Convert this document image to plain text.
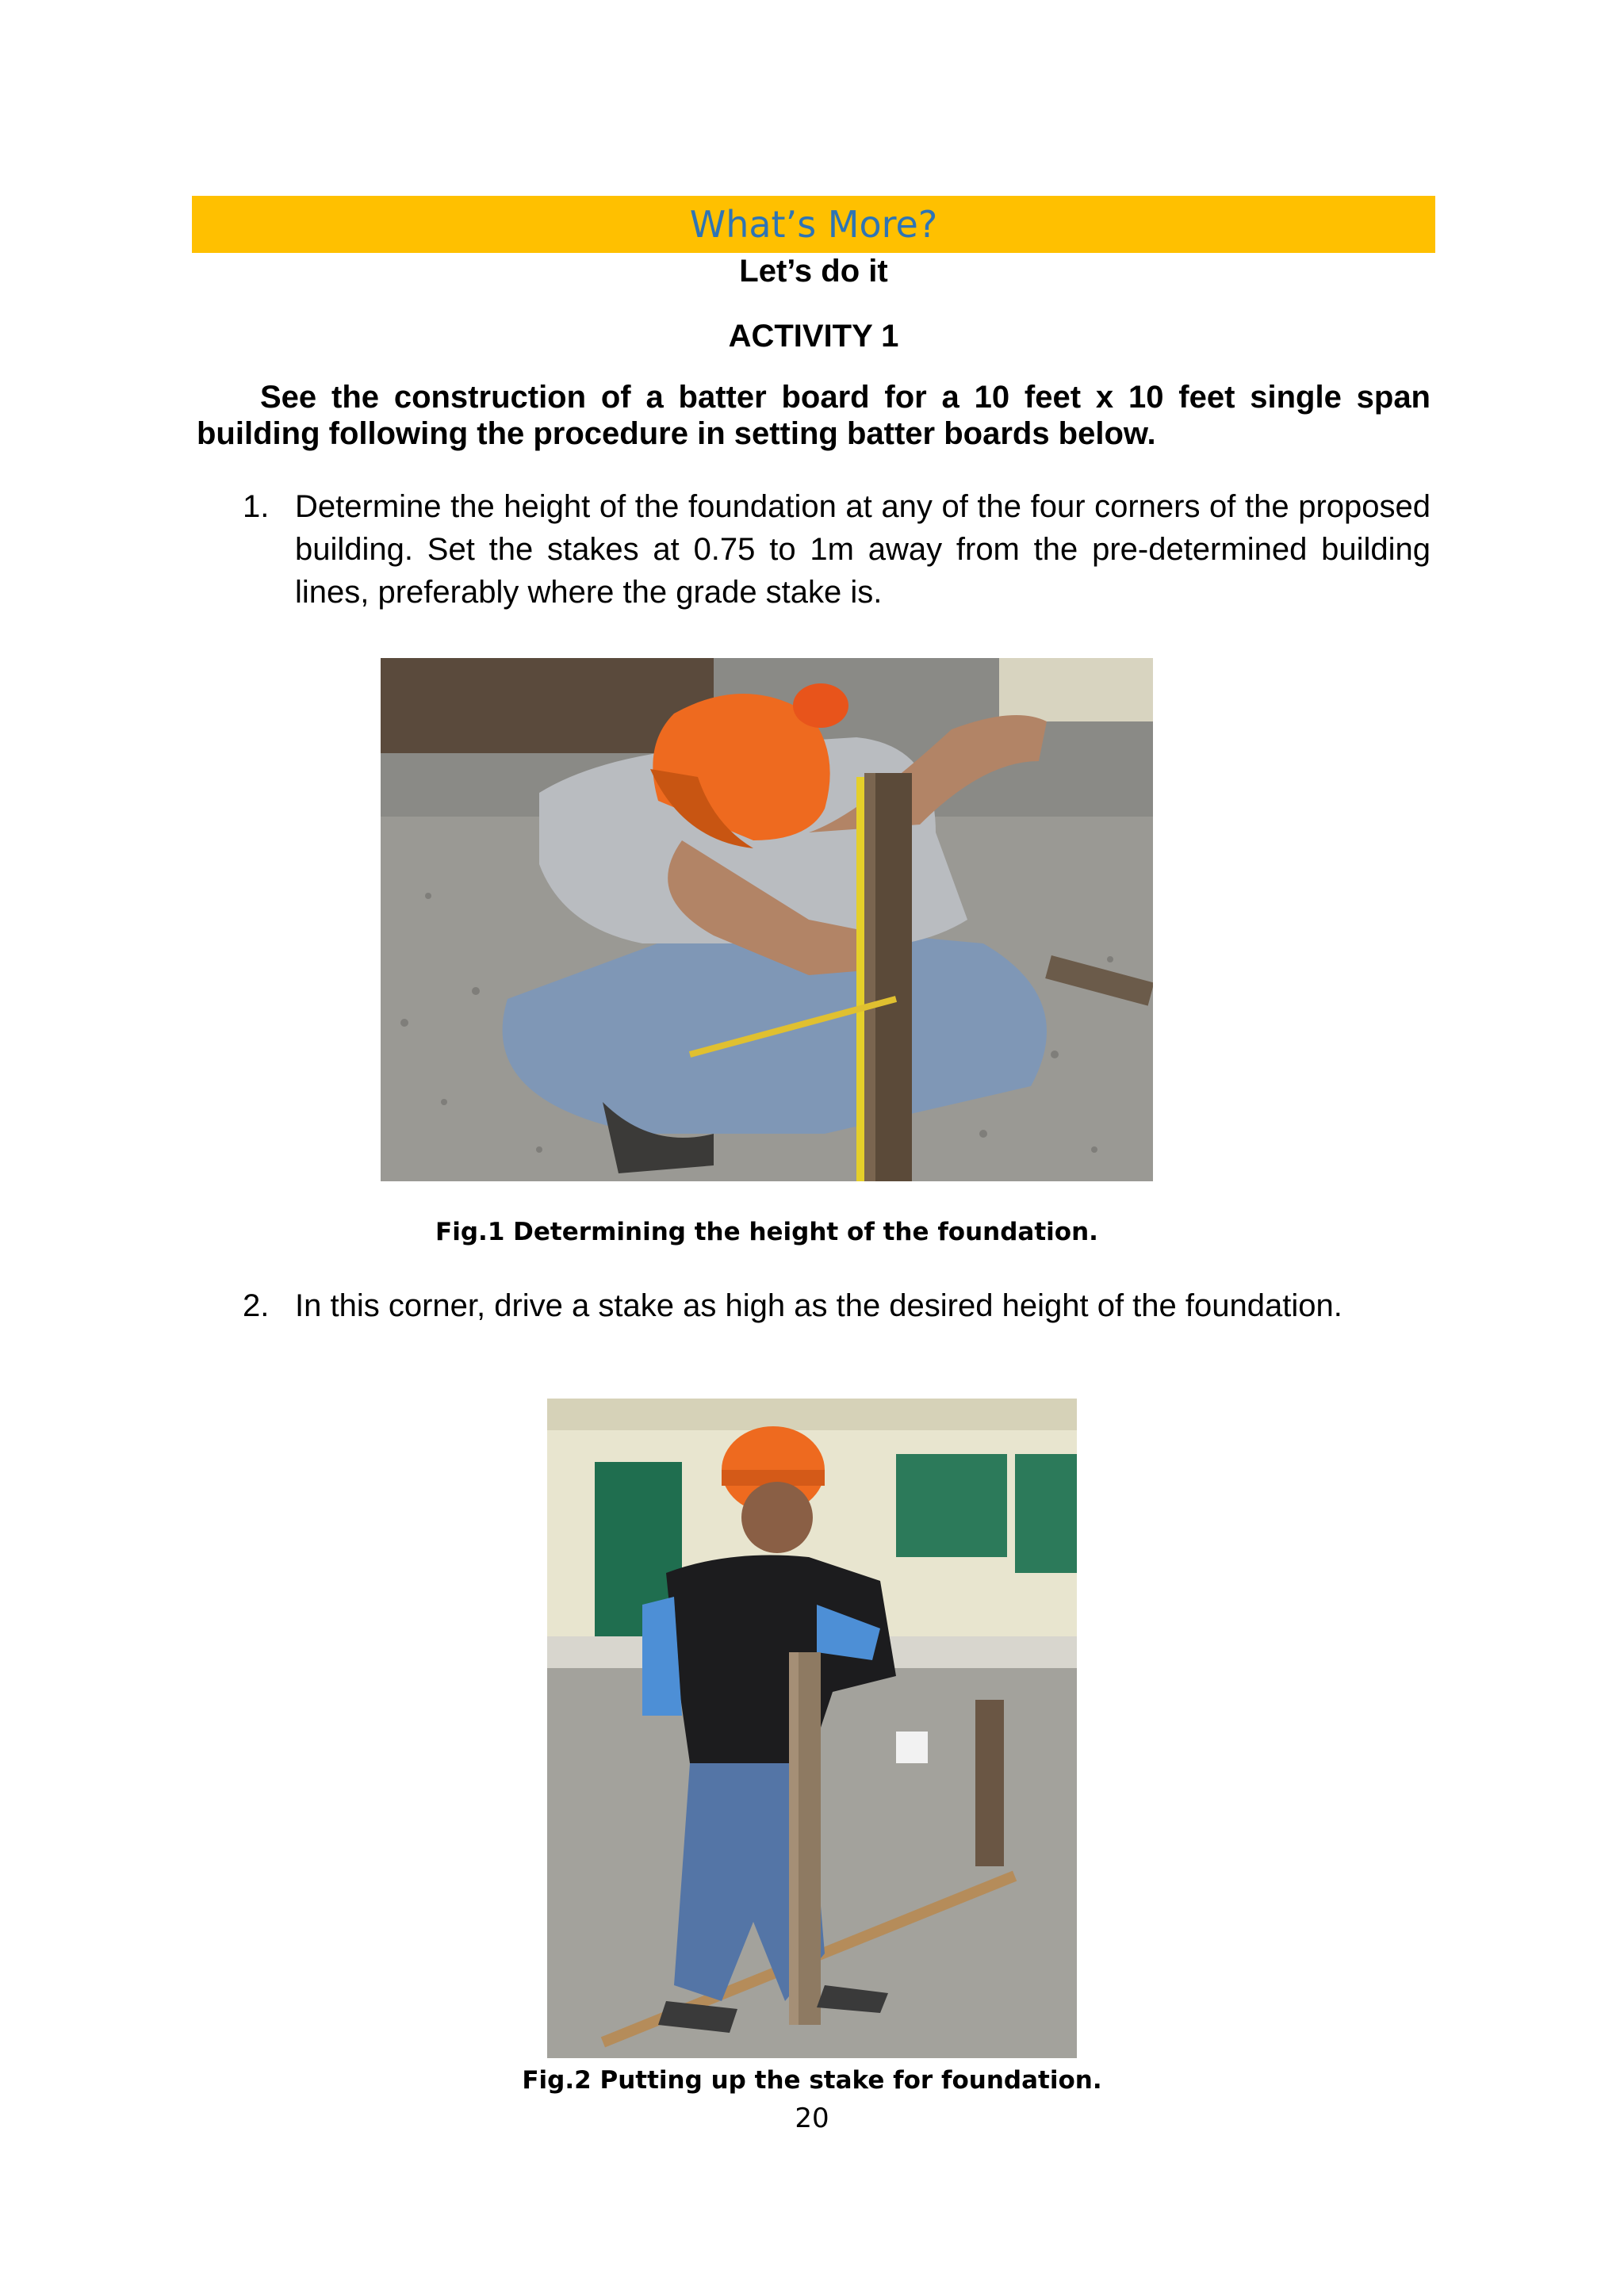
What’s More?
Let’s do it
ACTIVITY 1

See the construction of a batter board for a 10 feet x 10 feet single span building following the procedure in setting batter boards below.

1. Determine the height of the foundation at any of the four corners of the proposed building. Set the stakes at 0.75 to 1m away from the pre-determined building lines, preferably where the grade stake is.
Fig.1 Determining the height of the foundation.
2. In this corner, drive a stake as high as the desired height of the foundation.
Fig.2 Putting up the stake for foundation.
20
